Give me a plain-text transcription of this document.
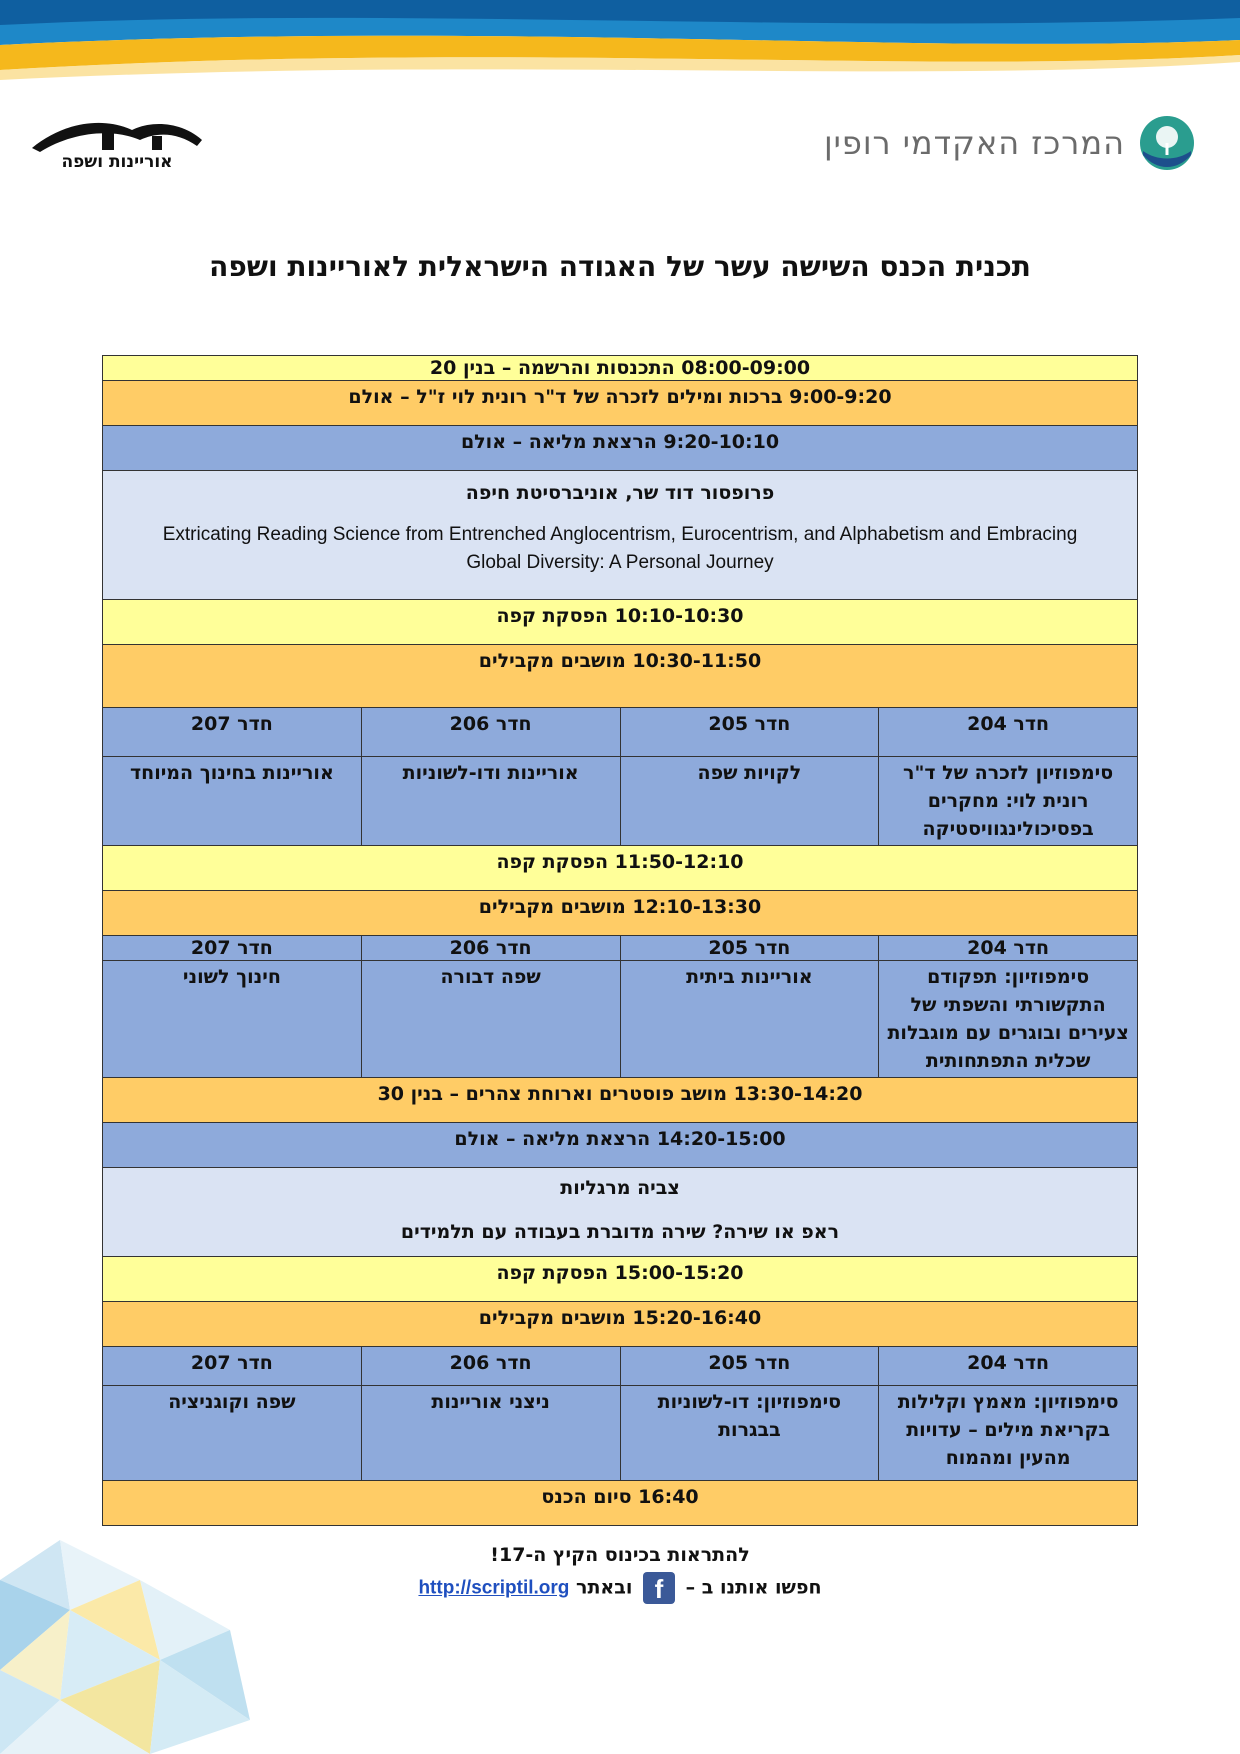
המרכז האקדמי רופין
אוריינות ושפה
תכנית הכנס השישה עשר של האגודה הישראלית לאוריינות ושפה
08:00-09:00 התכנסות והרשמה – בנין 20			
9:00-9:20 ברכות ומילים לזכרה של ד"ר רונית לוי ז"ל – אולם			
9:20-10:10 הרצאת מליאה – אולם			

פרופסור דוד שר, אוניברסיטת חיפה
Extricating Reading Science from Entrenched Anglocentrism, Eurocentrism, and Alphabetism and Embracing Global Diversity: A Personal Journey			

10:10-10:30 הפסקת קפה			
10:30-11:50 מושבים מקבילים			
חדר 204	חדר 205	חדר 206	חדר 207
סימפוזיון לזכרה של ד"ר רונית לוי: מחקרים בפסיכולינגוויסטיקה	לקויות שפה	אוריינות ודו-לשוניות	אוריינות בחינוך המיוחד
11:50-12:10 הפסקת קפה			
12:10-13:30 מושבים מקבילים			
חדר 204	חדר 205	חדר 206	חדר 207
סימפוזיון: תפקודם התקשורתי והשפתי של צעירים ובוגרים עם מוגבלות שכלית התפתחותית	אוריינות ביתית	שפה דבורה	חינוך לשוני
13:30-14:20 מושב פוסטרים וארוחת צהרים – בנין 30			
14:20-15:00 הרצאת מליאה – אולם			

צביה מרגליות
ראפ או שירה? שירה מדוברת בעבודה עם תלמידים			

15:00-15:20 הפסקת קפה			
15:20-16:40 מושבים מקבילים			
חדר 204	חדר 205	חדר 206	חדר 207
סימפוזיון: מאמץ וקלילות בקריאת מילים – עדויות מהעין ומהמוח	סימפוזיון: דו-לשוניות בבגרות	ניצני אוריינות	שפה וקוגניציה
16:40 סיום הכנס			
להתראות בכינוס הקיץ ה-17!
חפשו אותנו ב – f ובאתר http://scriptil.org
